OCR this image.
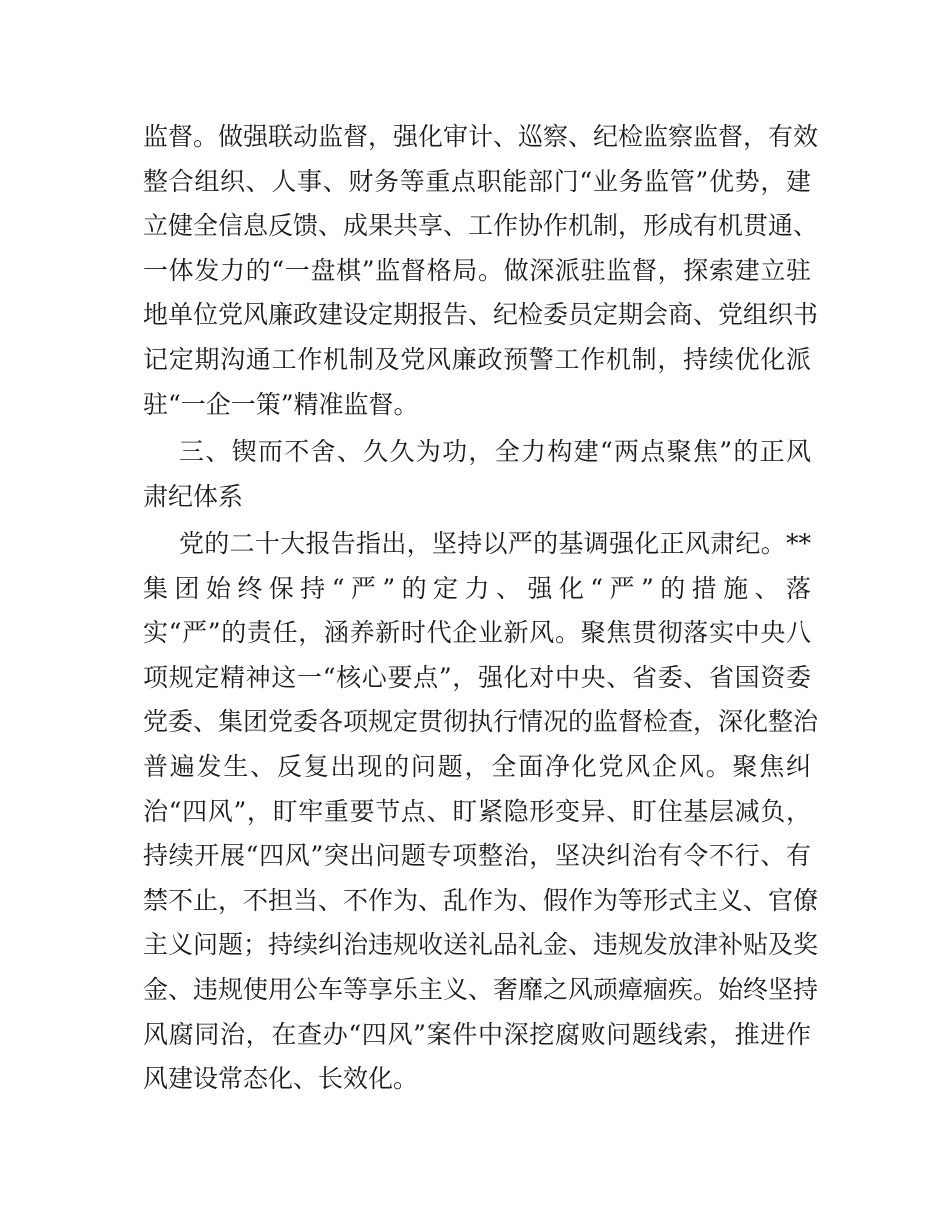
监督。做强联动监督，强化审计、巡察、纪检监察监督，有效
整合组织、人事、财务等重点职能部门“业务监管”优势，建
立健全信息反馈、成果共享、工作协作机制，形成有机贯通、
一体发力的“一盘棋”监督格局。做深派驻监督，探索建立驻
地单位党风廉政建设定期报告、纪检委员定期会商、党组织书
记定期沟通工作机制及党风廉政预警工作机制，持续优化派
驻“一企一策”精准监督。
三、锲而不舍、久久为功，全力构建“两点聚焦”的正风
肃纪体系
党的二十大报告指出，坚持以严的基调强化正风肃纪。**
集团始终保持“严”的定力、强化“严”的措施、落
实“严”的责任，涵养新时代企业新风。聚焦贯彻落实中央八
项规定精神这一“核心要点”，强化对中央、省委、省国资委
党委、集团党委各项规定贯彻执行情况的监督检查，深化整治
普遍发生、反复出现的问题，全面净化党风企风。聚焦纠
治“四风”，盯牢重要节点、盯紧隐形变异、盯住基层减负，
持续开展“四风”突出问题专项整治，坚决纠治有令不行、有
禁不止，不担当、不作为、乱作为、假作为等形式主义、官僚
主义问题；持续纠治违规收送礼品礼金、违规发放津补贴及奖
金、违规使用公车等享乐主义、奢靡之风顽瘴痼疾。始终坚持
风腐同治，在查办“四风”案件中深挖腐败问题线索，推进作
风建设常态化、长效化。
